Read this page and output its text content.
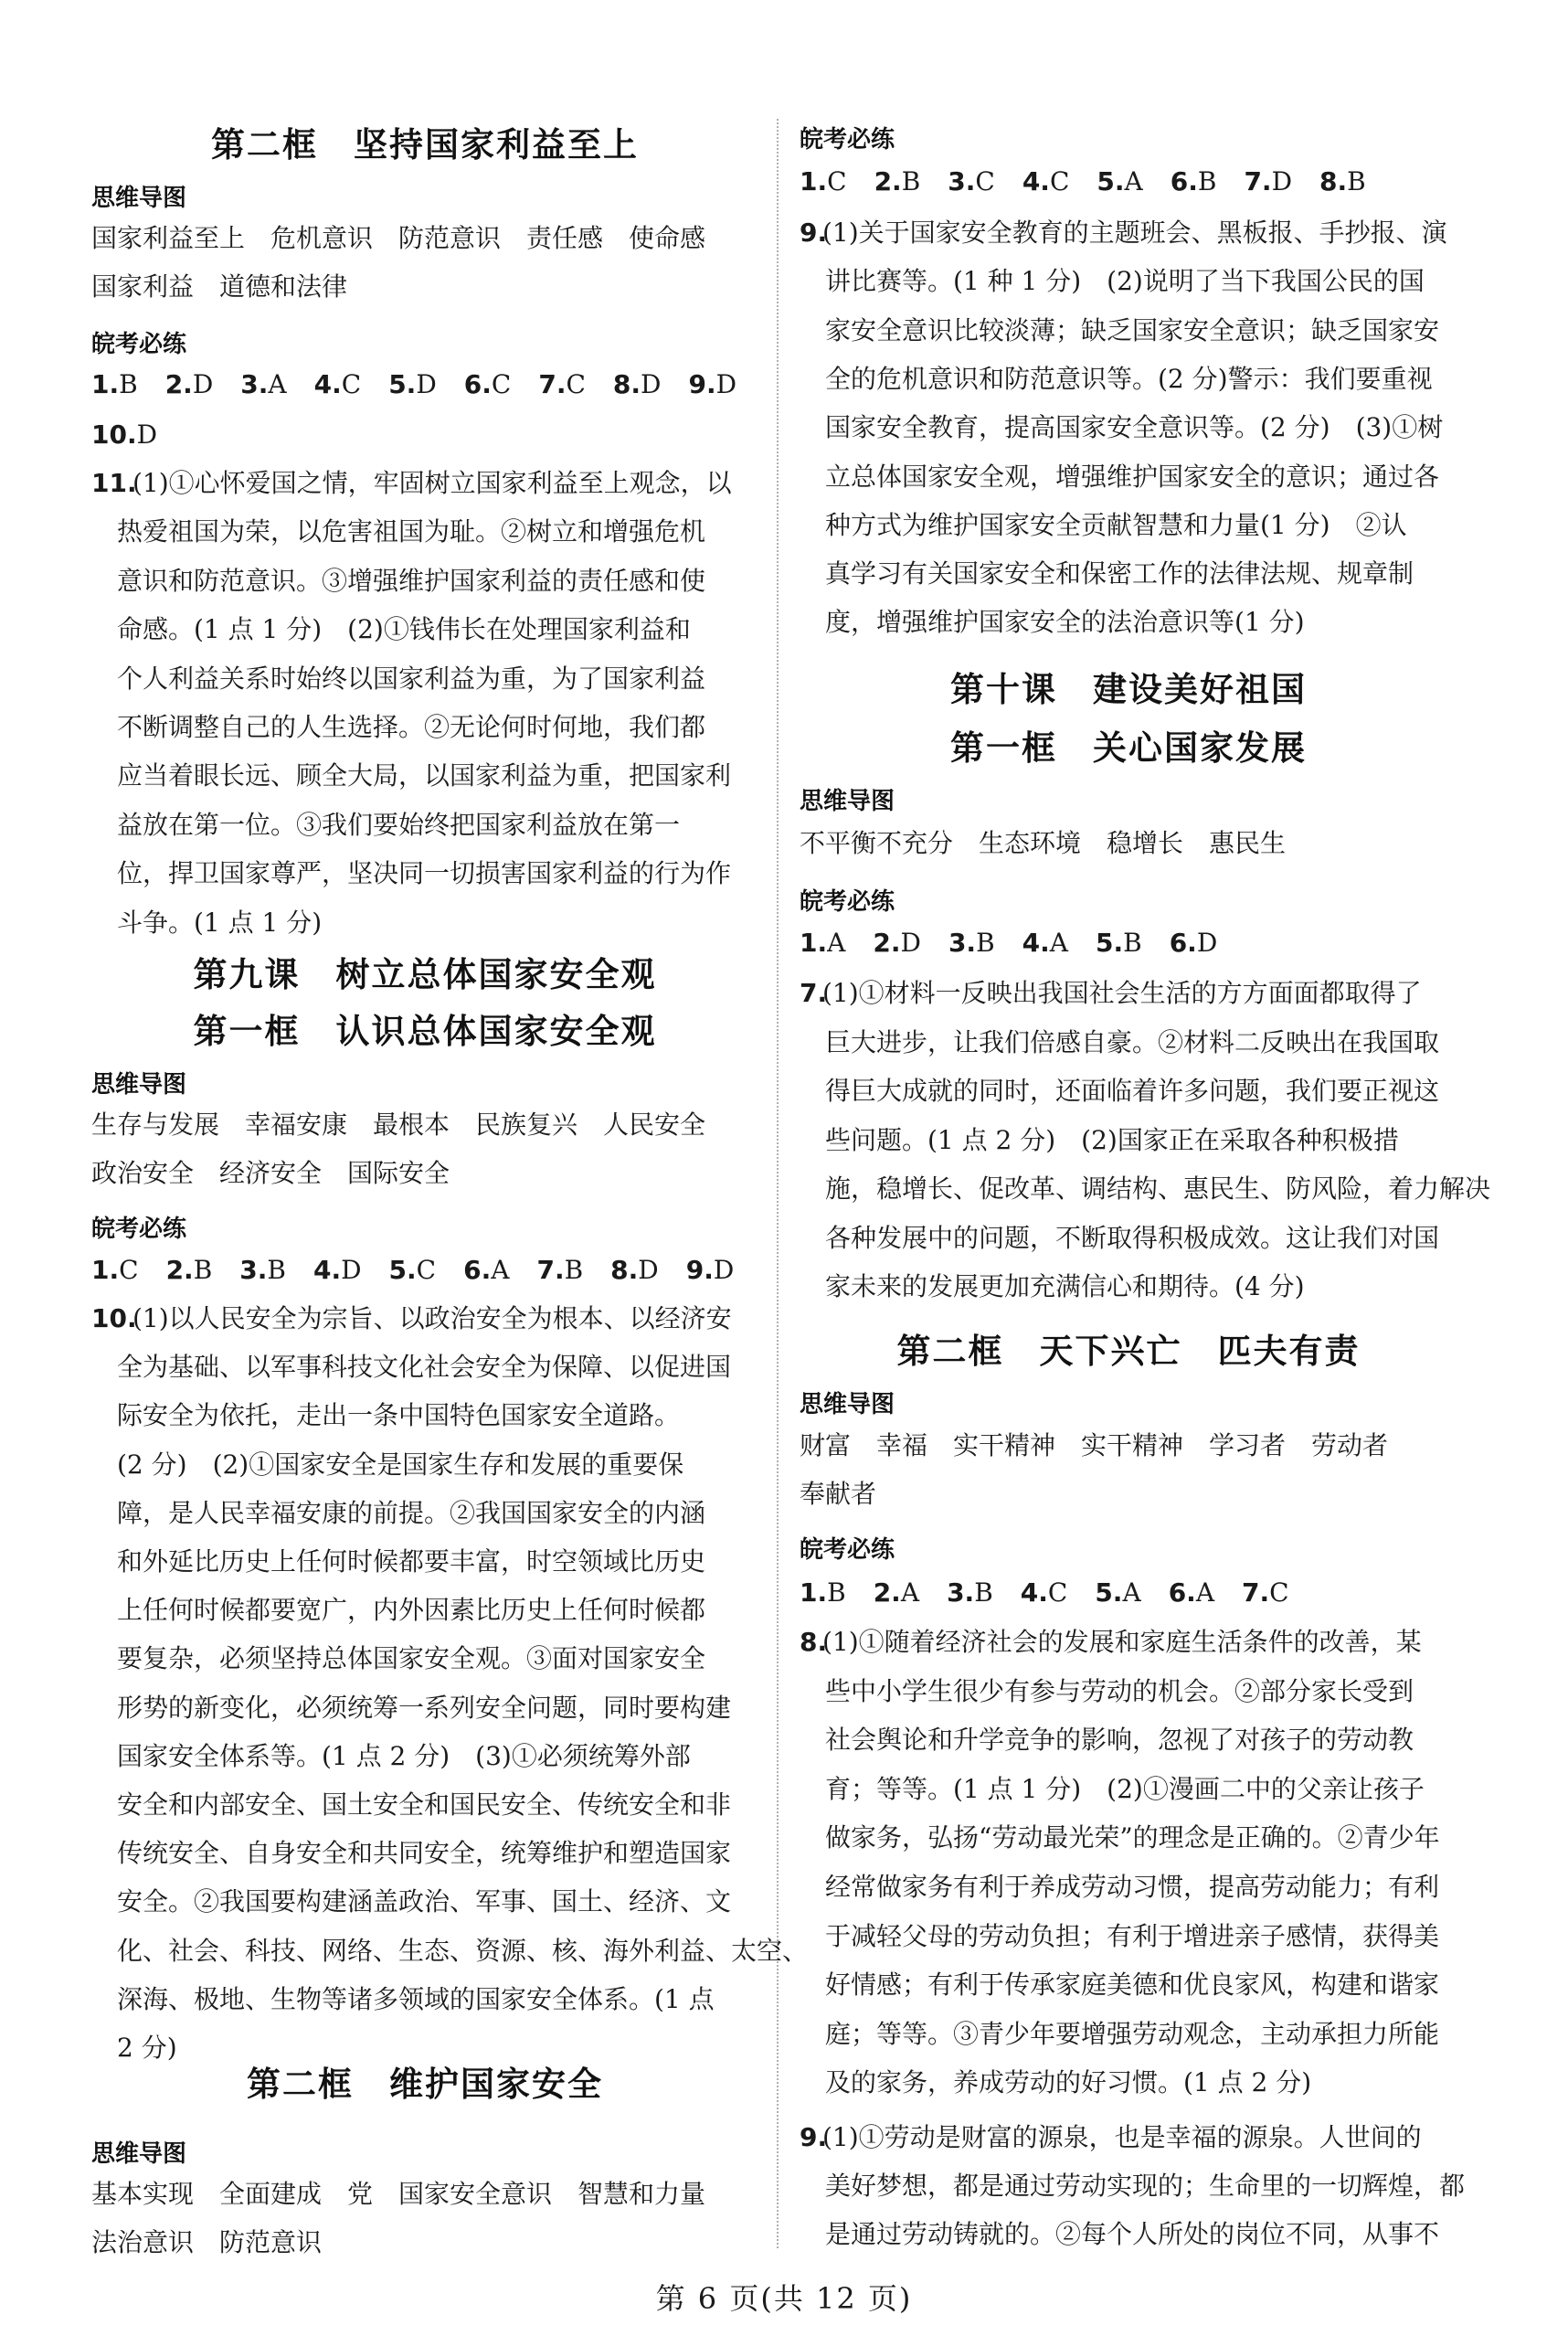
第二框　坚持国家利益至上
思维导图
国家利益至上　危机意识　防范意识　责任感　使命感
国家利益　道德和法律
皖考必练
1.B 2.D 3.A 4.C 5.D 6.C 7.C 8.D 9.D
10.D
11.
(1)①心怀爱国之情，牢固树立国家利益至上观念，以
热爱祖国为荣，以危害祖国为耻。②树立和增强危机
意识和防范意识。③增强维护国家利益的责任感和使
命感。(1 点 1 分)　(2)①钱伟长在处理国家利益和
个人利益关系时始终以国家利益为重，为了国家利益
不断调整自己的人生选择。②无论何时何地，我们都
应当着眼长远、顾全大局，以国家利益为重，把国家利
益放在第一位。③我们要始终把国家利益放在第一
位，捍卫国家尊严，坚决同一切损害国家利益的行为作
斗争。(1 点 1 分)
第九课　树立总体国家安全观
第一框　认识总体国家安全观
思维导图
生存与发展　幸福安康　最根本　民族复兴　人民安全
政治安全　经济安全　国际安全
皖考必练
1.C 2.B 3.B 4.D 5.C 6.A 7.B 8.D 9.D
10.
(1)以人民安全为宗旨、以政治安全为根本、以经济安
全为基础、以军事科技文化社会安全为保障、以促进国
际安全为依托，走出一条中国特色国家安全道路。
(2 分)　(2)①国家安全是国家生存和发展的重要保
障，是人民幸福安康的前提。②我国国家安全的内涵
和外延比历史上任何时候都要丰富，时空领域比历史
上任何时候都要宽广，内外因素比历史上任何时候都
要复杂，必须坚持总体国家安全观。③面对国家安全
形势的新变化，必须统筹一系列安全问题，同时要构建
国家安全体系等。(1 点 2 分)　(3)①必须统筹外部
安全和内部安全、国土安全和国民安全、传统安全和非
传统安全、自身安全和共同安全，统筹维护和塑造国家
安全。②我国要构建涵盖政治、军事、国土、经济、文
化、社会、科技、网络、生态、资源、核、海外利益、太空、
深海、极地、生物等诸多领域的国家安全体系。(1 点
2 分)
第二框　维护国家安全
思维导图
基本实现　全面建成　党　国家安全意识　智慧和力量
法治意识　防范意识
皖考必练
1.C 2.B 3.C 4.C 5.A 6.B 7.D 8.B
9.
(1)关于国家安全教育的主题班会、黑板报、手抄报、演
讲比赛等。(1 种 1 分)　(2)说明了当下我国公民的国
家安全意识比较淡薄；缺乏国家安全意识；缺乏国家安
全的危机意识和防范意识等。(2 分)警示：我们要重视
国家安全教育，提高国家安全意识等。(2 分)　(3)①树
立总体国家安全观，增强维护国家安全的意识；通过各
种方式为维护国家安全贡献智慧和力量(1 分)　②认
真学习有关国家安全和保密工作的法律法规、规章制
度，增强维护国家安全的法治意识等(1 分)
第十课　建设美好祖国
第一框　关心国家发展
思维导图
不平衡不充分　生态环境　稳增长　惠民生
皖考必练
1.A 2.D 3.B 4.A 5.B 6.D
7.
(1)①材料一反映出我国社会生活的方方面面都取得了
巨大进步，让我们倍感自豪。②材料二反映出在我国取
得巨大成就的同时，还面临着许多问题，我们要正视这
些问题。(1 点 2 分)　(2)国家正在采取各种积极措
施，稳增长、促改革、调结构、惠民生、防风险，着力解决
各种发展中的问题，不断取得积极成效。这让我们对国
家未来的发展更加充满信心和期待。(4 分)
第二框　天下兴亡　匹夫有责
思维导图
财富　幸福　实干精神　实干精神　学习者　劳动者
奉献者
皖考必练
1.B 2.A 3.B 4.C 5.A 6.A 7.C
8.
(1)①随着经济社会的发展和家庭生活条件的改善，某
些中小学生很少有参与劳动的机会。②部分家长受到
社会舆论和升学竞争的影响，忽视了对孩子的劳动教
育；等等。(1 点 1 分)　(2)①漫画二中的父亲让孩子
做家务，弘扬“劳动最光荣”的理念是正确的。②青少年
经常做家务有利于养成劳动习惯，提高劳动能力；有利
于减轻父母的劳动负担；有利于增进亲子感情，获得美
好情感；有利于传承家庭美德和优良家风，构建和谐家
庭；等等。③青少年要增强劳动观念，主动承担力所能
及的家务，养成劳动的好习惯。(1 点 2 分)
9.
(1)①劳动是财富的源泉，也是幸福的源泉。人世间的
美好梦想，都是通过劳动实现的；生命里的一切辉煌，都
是通过劳动铸就的。②每个人所处的岗位不同，从事不
第 6 页(共 12 页)
